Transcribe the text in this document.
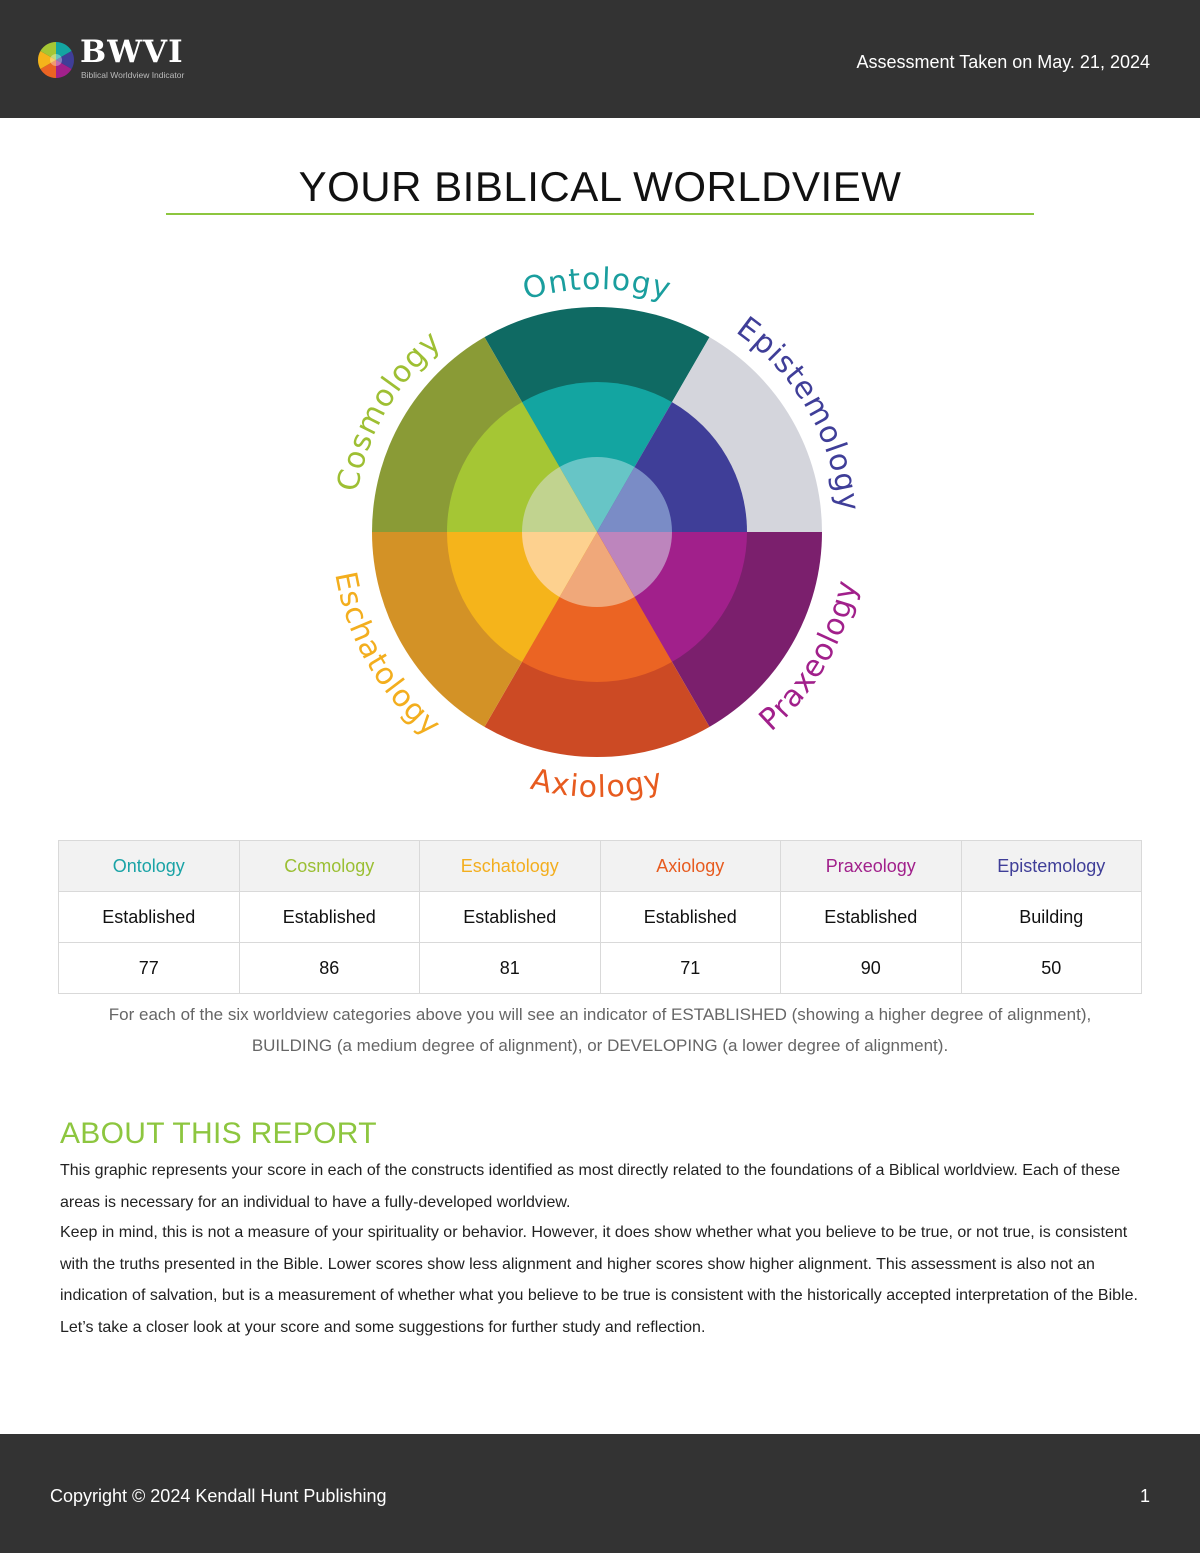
BWVI
Biblical Worldview Indicator
Assessment Taken on May. 21, 2024
YOUR BIBLICAL WORLDVIEW
Ontology
Epistemology
Praxeology
Axiology
Eschatology
Cosmology
Ontology	Cosmology	Eschatology	Axiology	Praxeology	Epistemology
Established	Established	Established	Established	Established	Building
77	86	81	71	90	50
For each of the six worldview categories above you will see an indicator of ESTABLISHED (showing a higher degree of alignment), BUILDING (a medium degree of alignment), or DEVELOPING (a lower degree of alignment).
ABOUT THIS REPORT
This graphic represents your score in each of the constructs identified as most directly related to the foundations of a Biblical worldview. Each of these areas is necessary for an individual to have a fully-developed worldview.
Keep in mind, this is not a measure of your spirituality or behavior. However, it does show whether what you believe to be true, or not true, is consistent with the truths presented in the Bible. Lower scores show less alignment and higher scores show higher alignment. This assessment is also not an indication of salvation, but is a measurement of whether what you believe to be true is consistent with the historically accepted interpretation of the Bible. Let’s take a closer look at your score and some suggestions for further study and reflection.
Copyright © 2024 Kendall Hunt Publishing	1
